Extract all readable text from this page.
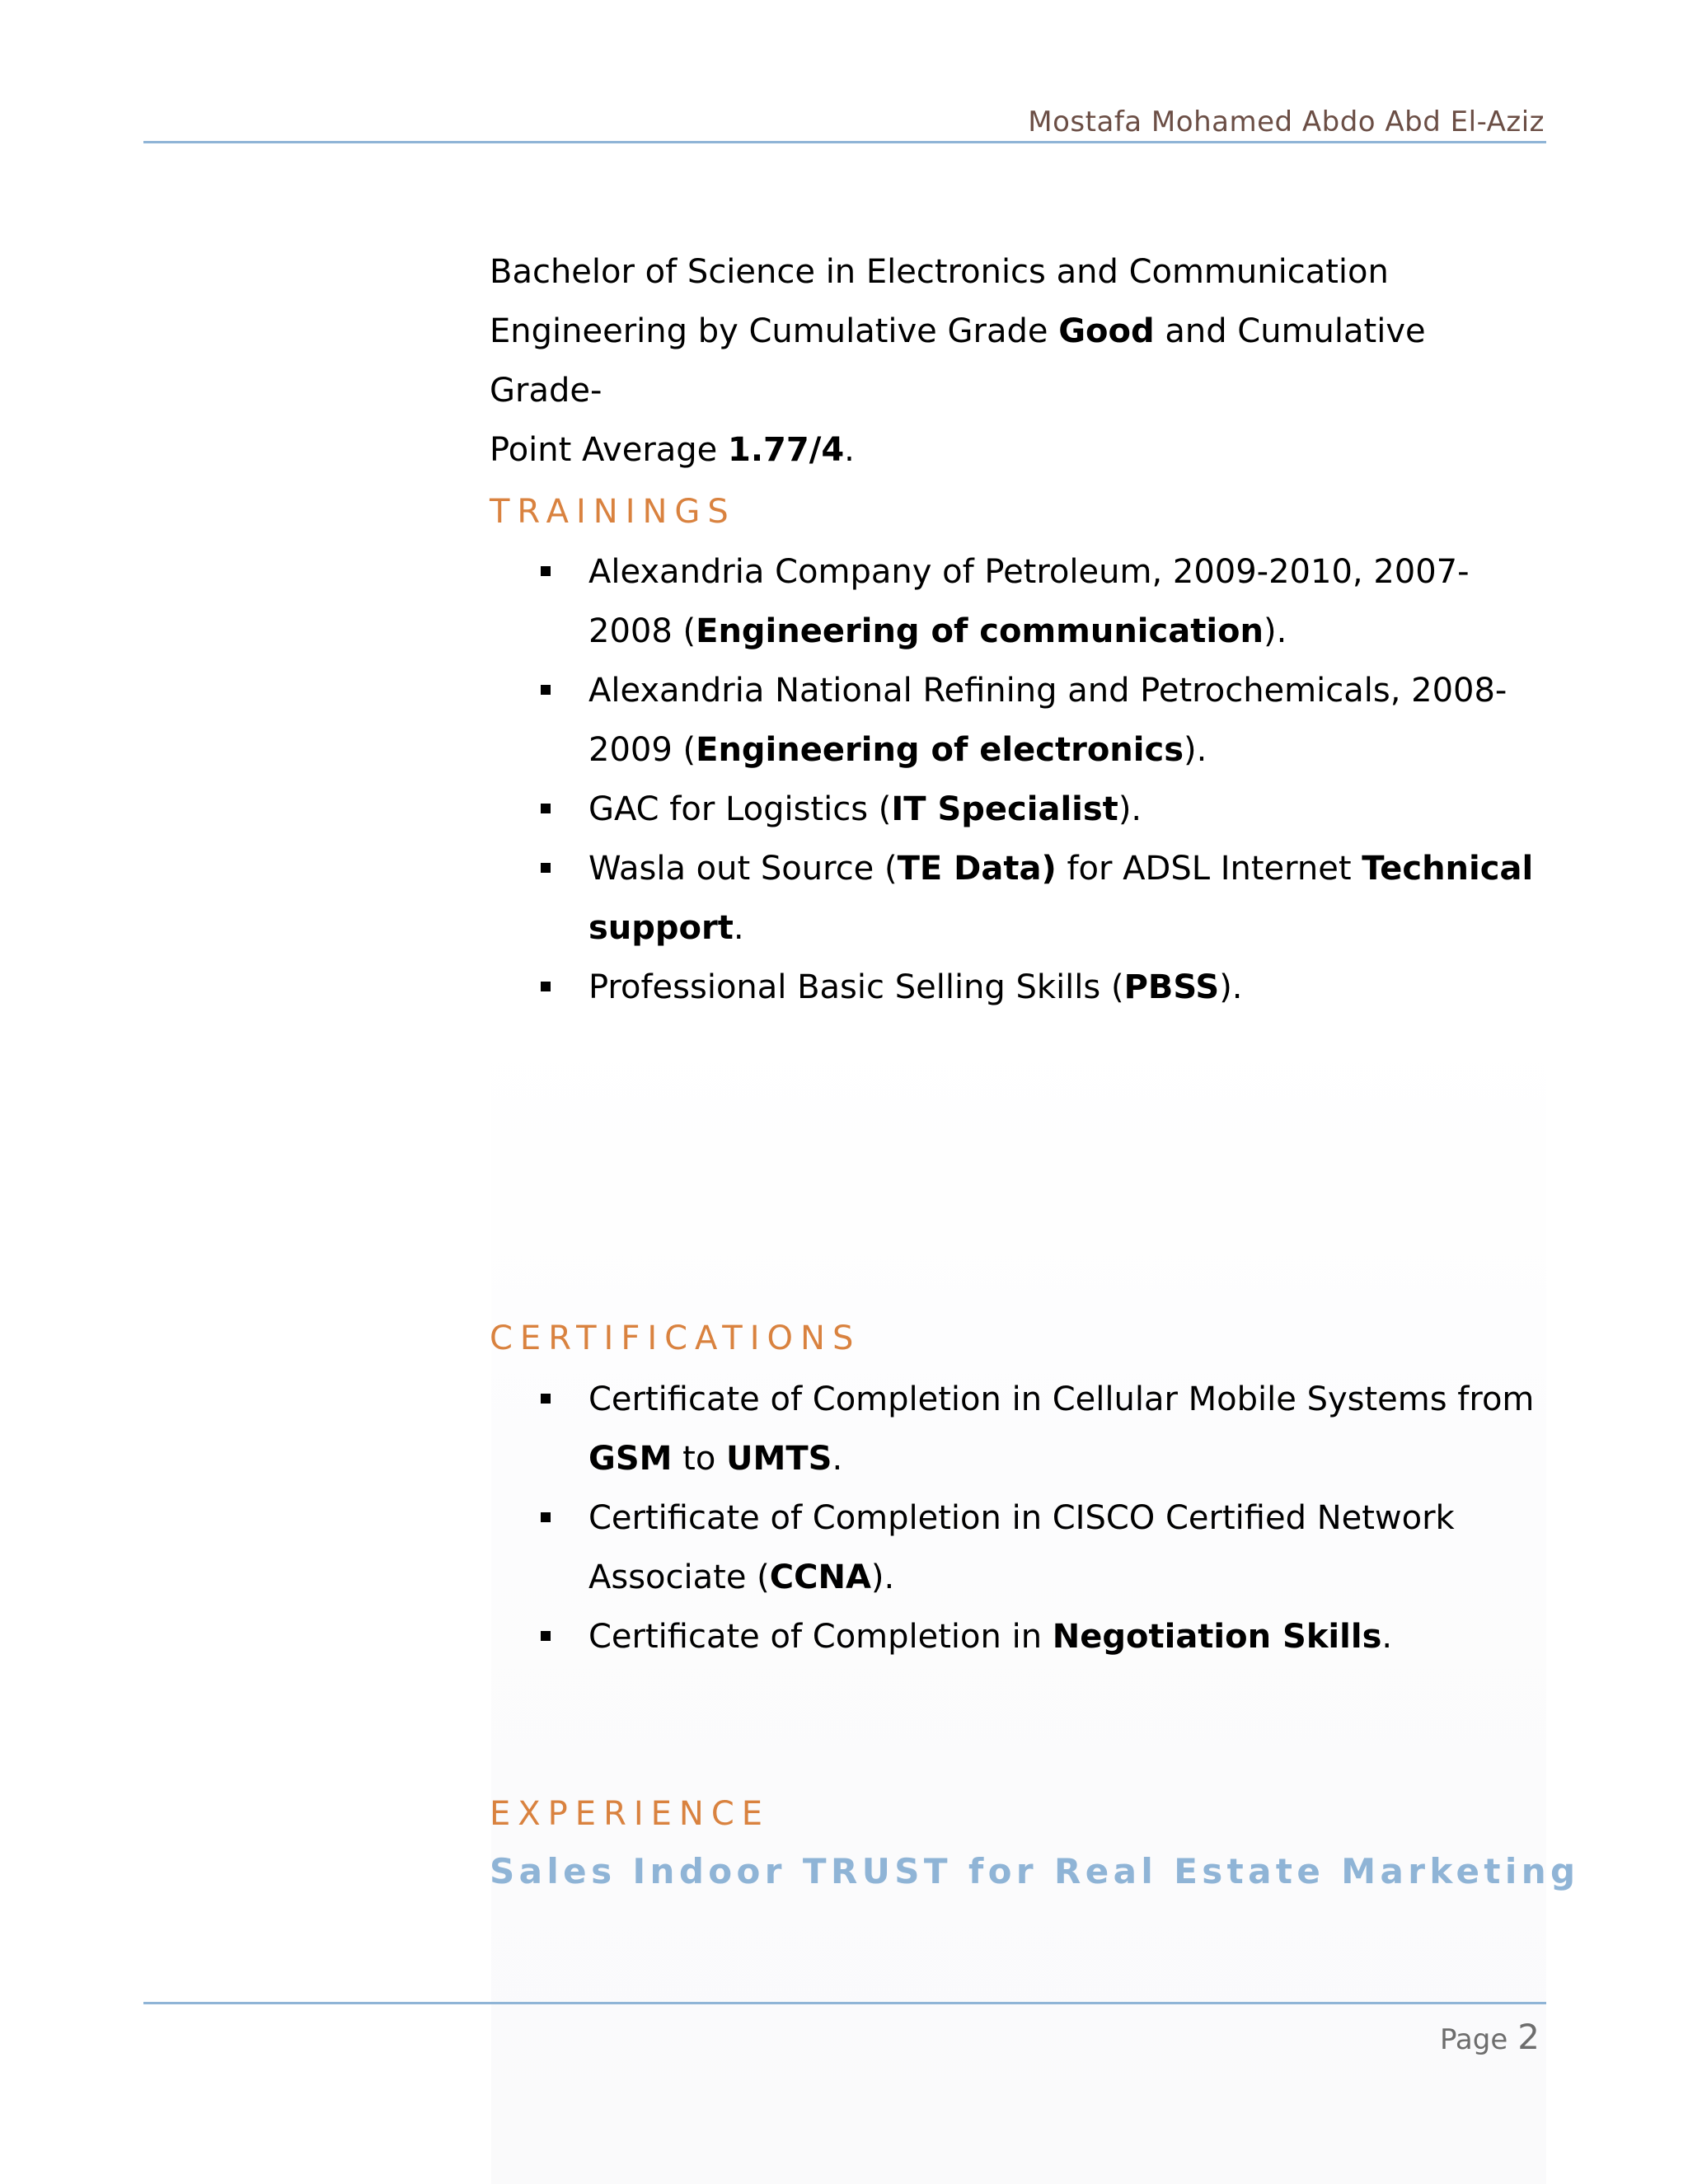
Mostafa Mohamed Abdo Abd El-Aziz

Bachelor of Science in Electronics and Communication

Engineering by Cumulative Grade Good and Cumulative Grade-

Point Average 1.77/4.

TRAININGS
Alexandria Company of Petroleum, 2009-2010, 2007-
2008 (Engineering of communication).
Alexandria National Refining and Petrochemicals, 2008-
2009 (Engineering of electronics).
GAC for Logistics (IT Specialist).
Wasla out Source (TE Data) for ADSL Internet Technical
support.
Professional Basic Selling Skills (PBSS).
CERTIFICATIONS
Certificate of Completion in Cellular Mobile Systems from
GSM to UMTS.
Certificate of Completion in CISCO Certified Network
Associate (CCNA).
Certificate of Completion in Negotiation Skills.
EXPERIENCE
Sales Indoor TRUST for Real Estate Marketing
Page 2
